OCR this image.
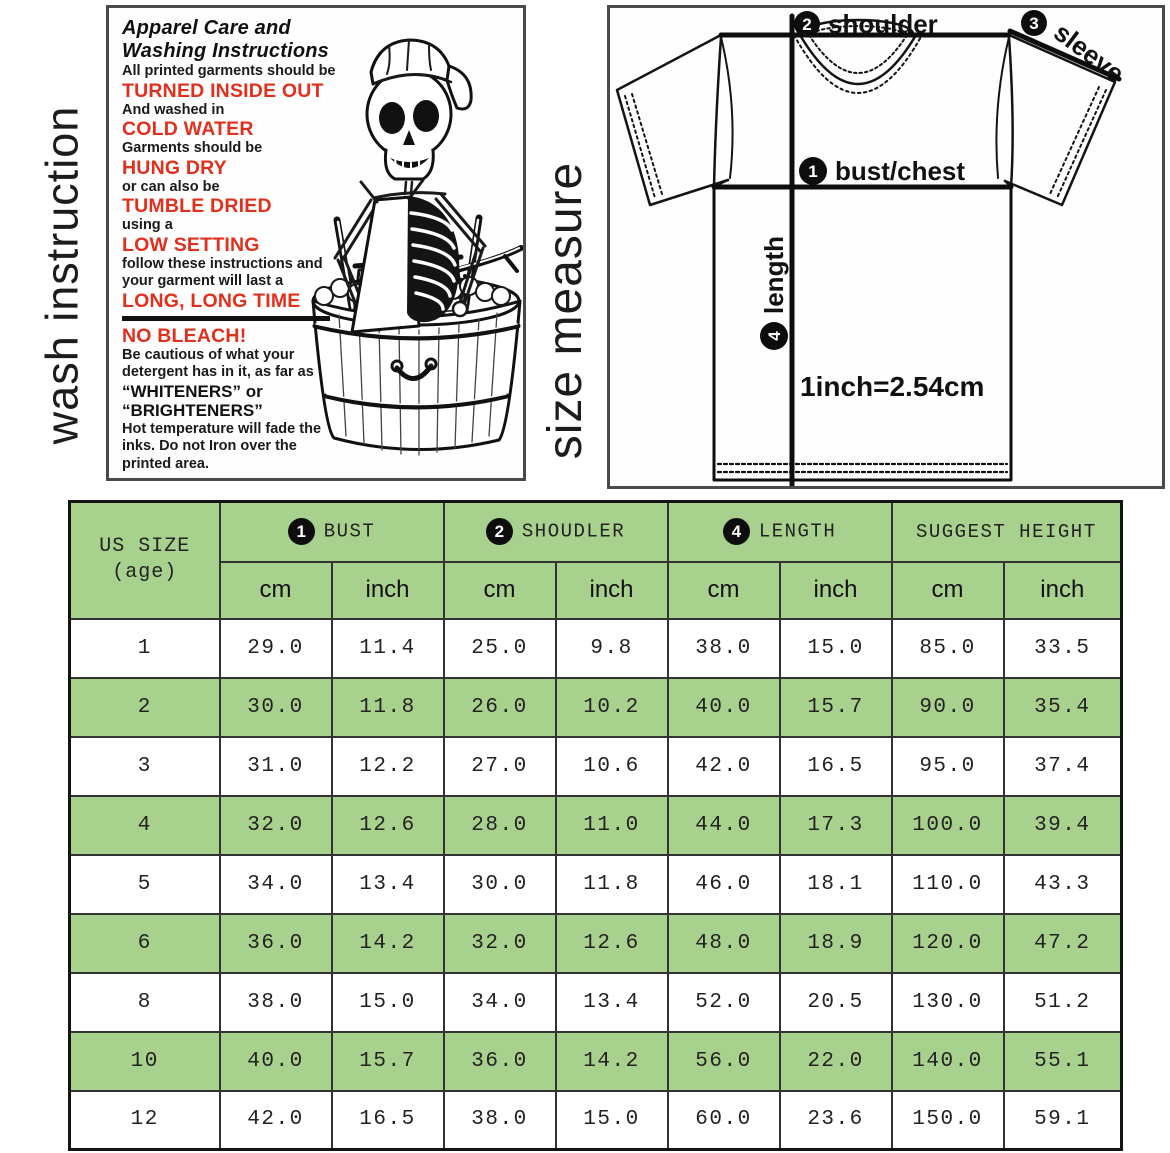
wash instruction	size measure
Apparel Care and
Washing Instructions
All printed garments should be
TURNED INSIDE OUT
And washed in
COLD WATER
Garments should be
HUNG DRY
or can also be
TUMBLE DRIED
using a
LOW SETTING
follow these instructions and
your garment will last a
LONG, LONG TIME
NO BLEACH!
Be cautious of what your
detergent has in it, as far as
“WHITENERS” or
“BRIGHTENERS”
Hot temperature will fade the
inks. Do not Iron over the
printed area.
2 shoulder	3 sleeve
1 bust/chest
4
length
1inch=2.54cm
US SIZE
(age)	1 BUST		2 SHOUDLER		4 LENGTH		SUGGEST HEIGHT	
	cm	inch	cm	inch	cm	inch	cm	inch
1	29.0	11.4	25.0	9.8	38.0	15.0	85.0	33.5
2	30.0	11.8	26.0	10.2	40.0	15.7	90.0	35.4
3	31.0	12.2	27.0	10.6	42.0	16.5	95.0	37.4
4	32.0	12.6	28.0	11.0	44.0	17.3	100.0	39.4
5	34.0	13.4	30.0	11.8	46.0	18.1	110.0	43.3
6	36.0	14.2	32.0	12.6	48.0	18.9	120.0	47.2
8	38.0	15.0	34.0	13.4	52.0	20.5	130.0	51.2
10	40.0	15.7	36.0	14.2	56.0	22.0	140.0	55.1
12	42.0	16.5	38.0	15.0	60.0	23.6	150.0	59.1
